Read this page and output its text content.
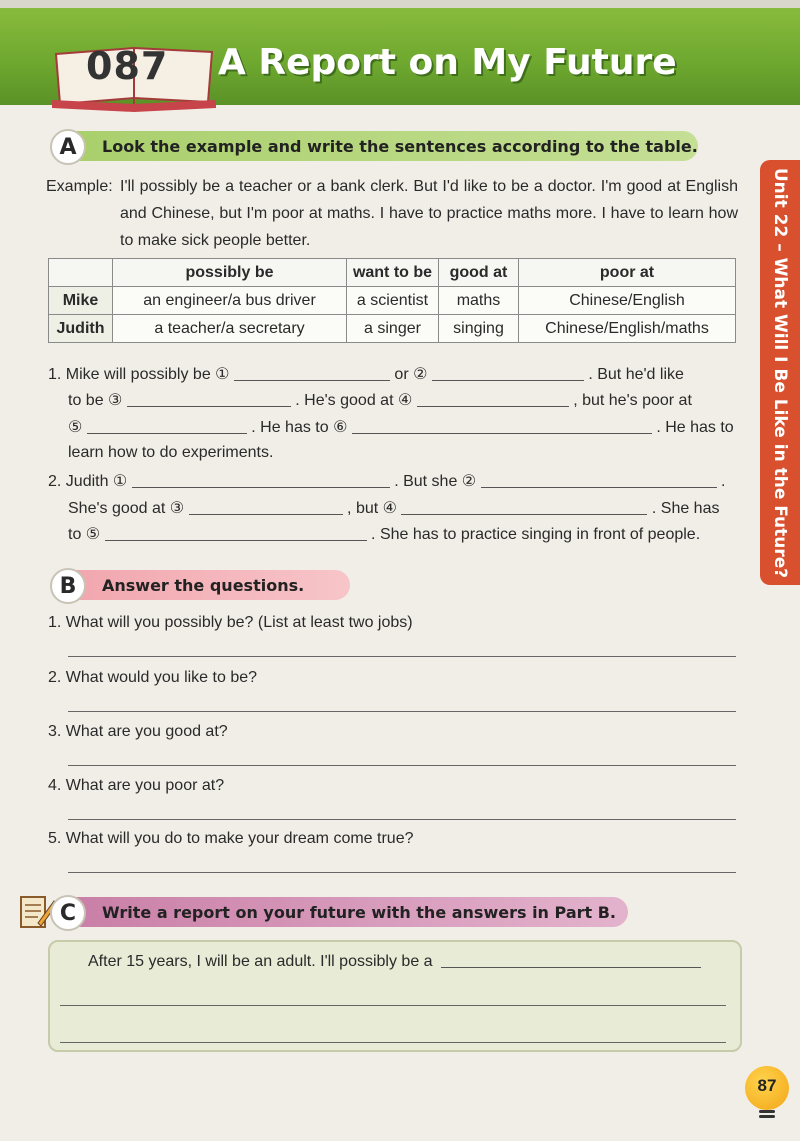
087 A Report on My Future
Unit 22 – What Will I Be Like in the Future?
A	Look the example and write the sentences according to the table.
Example: I'll possibly be a teacher or a bank clerk. But I'd like to be a doctor. I'm good at English and Chinese, but I'm poor at maths. I have to practice maths more. I have to learn how to make sick people better.
	possibly be	want to be	good at	poor at
Mike	an engineer/a bus driver	a scientist	maths	Chinese/English
Judith	a teacher/a secretary	a singer	singing	Chinese/English/maths
1. Mike will possibly be ①	or ②	. But he'd like
to be ③	. He's good at ④	, but he's poor at
⑤	. He has to ⑥	. He has to
learn how to do experiments.
2. Judith ①	. But she ②	.
She's good at ③	, but ④	. She has
to ⑤	. She has to practice singing in front of people.
B	Answer the questions.
1. What will you possibly be? (List at least two jobs)
2. What would you like to be?
3. What are you good at?
4. What are you poor at?
5. What will you do to make your dream come true?
C	Write a report on your future with the answers in Part B.
After 15 years, I will be an adult. I'll possibly be a
87
